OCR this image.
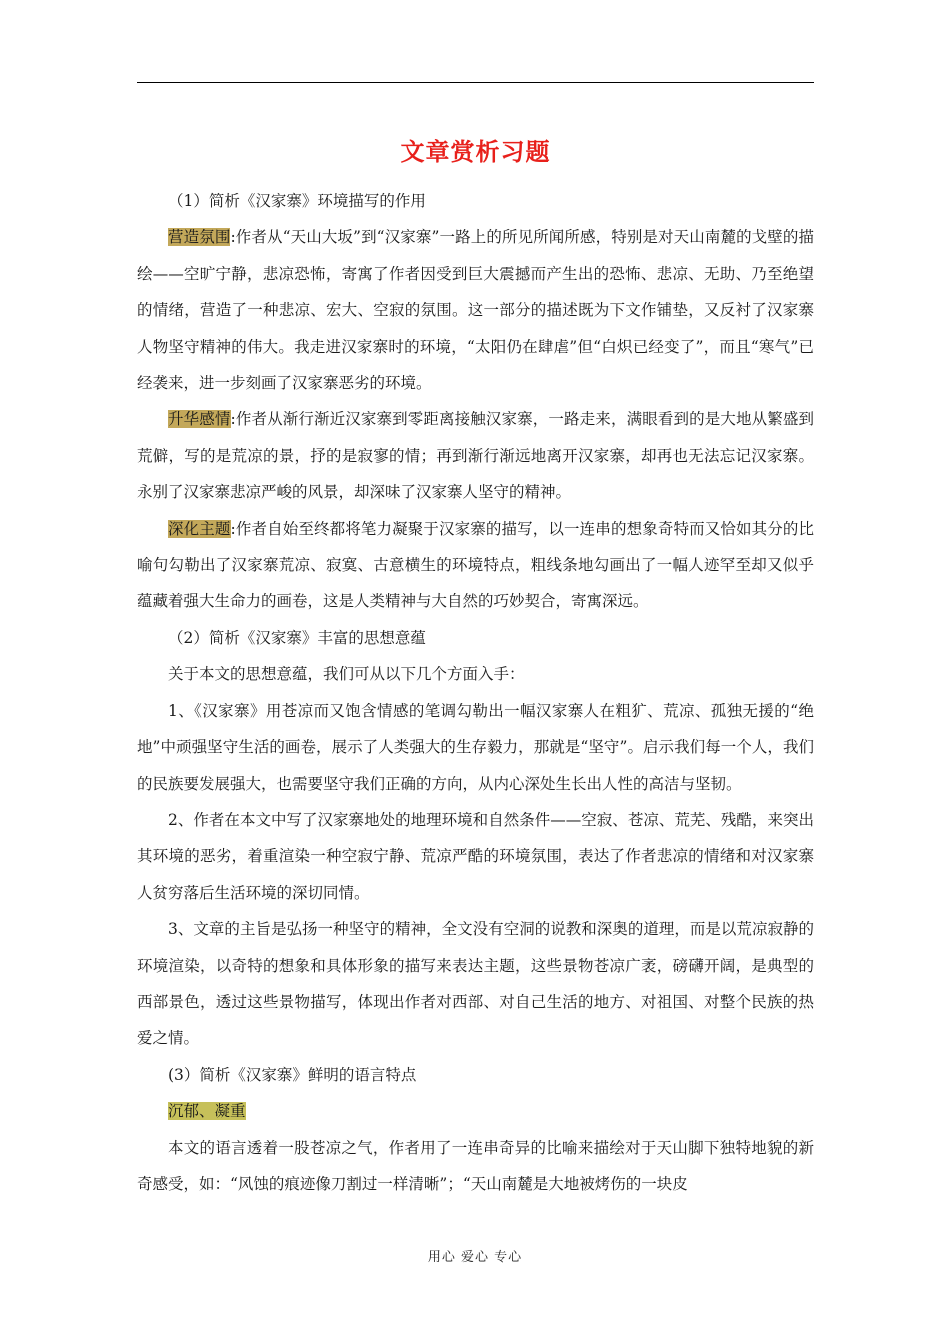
文章赏析习题

（1）简析《汉家寨》环境描写的作用

营造氛围:作者从“天山大坂”到“汉家寨”一路上的所见所闻所感，特别是对天山南麓的戈壁的描绘——空旷宁静，悲凉恐怖，寄寓了作者因受到巨大震撼而产生出的恐怖、悲凉、无助、乃至绝望的情绪，营造了一种悲凉、宏大、空寂的氛围。这一部分的描述既为下文作铺垫，又反衬了汉家寨人物坚守精神的伟大。我走进汉家寨时的环境，“太阳仍在肆虐”但“白炽已经变了”，而且“寒气”已经袭来，进一步刻画了汉家寨恶劣的环境。

升华感情:作者从渐行渐近汉家寨到零距离接触汉家寨，一路走来，满眼看到的是大地从繁盛到荒僻，写的是荒凉的景，抒的是寂寥的情；再到渐行渐远地离开汉家寨，却再也无法忘记汉家寨。永别了汉家寨悲凉严峻的风景，却深味了汉家寨人坚守的精神。

深化主题:作者自始至终都将笔力凝聚于汉家寨的描写，以一连串的想象奇特而又恰如其分的比喻句勾勒出了汉家寨荒凉、寂寞、古意横生的环境特点，粗线条地勾画出了一幅人迹罕至却又似乎蕴藏着强大生命力的画卷，这是人类精神与大自然的巧妙契合，寄寓深远。

（2）简析《汉家寨》丰富的思想意蕴

关于本文的思想意蕴，我们可从以下几个方面入手：

1、《汉家寨》用苍凉而又饱含情感的笔调勾勒出一幅汉家寨人在粗犷、荒凉、孤独无援的“绝地”中顽强坚守生活的画卷，展示了人类强大的生存毅力，那就是“坚守”。启示我们每一个人，我们的民族要发展强大，也需要坚守我们正确的方向，从内心深处生长出人性的高洁与坚韧。

2、作者在本文中写了汉家寨地处的地理环境和自然条件——空寂、苍凉、荒芜、残酷，来突出其环境的恶劣，着重渲染一种空寂宁静、荒凉严酷的环境氛围，表达了作者悲凉的情绪和对汉家寨人贫穷落后生活环境的深切同情。

3、文章的主旨是弘扬一种坚守的精神，全文没有空洞的说教和深奥的道理，而是以荒凉寂静的环境渲染，以奇特的想象和具体形象的描写来表达主题，这些景物苍凉广袤，磅礴开阔，是典型的西部景色，透过这些景物描写，体现出作者对西部、对自己生活的地方、对祖国、对整个民族的热爱之情。

(3）简析《汉家寨》鲜明的语言特点

沉郁、凝重

本文的语言透着一股苍凉之气，作者用了一连串奇异的比喻来描绘对于天山脚下独特地貌的新奇感受，如：“风蚀的痕迹像刀割过一样清晰”；“天山南麓是大地被烤伤的一块皮

用心 爱心 专心
